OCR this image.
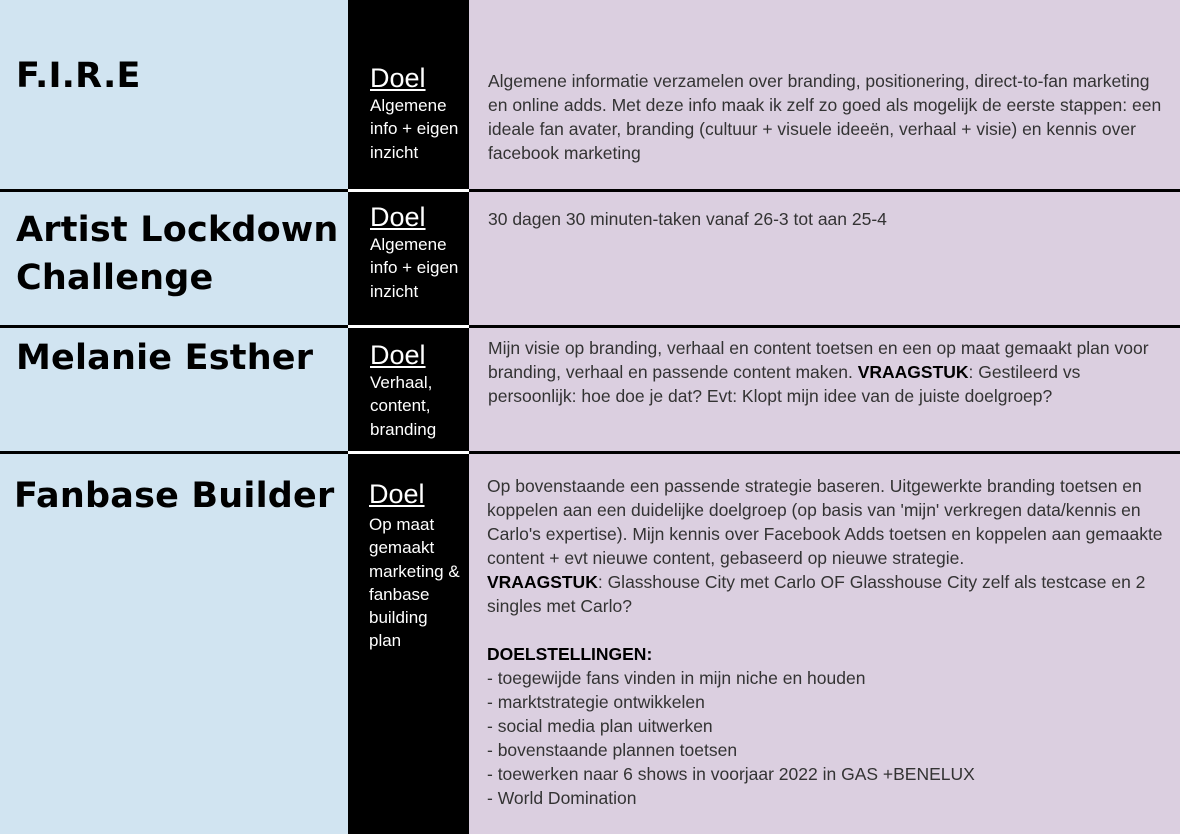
F.I.R.E	Doel
Algemene info + eigen inzicht
Algemene informatie verzamelen over branding, positionering, direct-to-fan marketing en online adds. Met deze info maak ik zelf zo goed als mogelijk de eerste stappen: een ideale fan avater, branding (cultuur + visuele ideeën, verhaal + visie) en kennis over facebook marketing
Artist Lockdown Challenge
Doel
Algemene info + eigen inzicht
30 dagen 30 minuten-taken vanaf 26-3 tot aan 25-4
Melanie Esther Doel
Verhaal, content, branding
Mijn visie op branding, verhaal en content toetsen en een op maat gemaakt plan voor branding, verhaal en passende content maken. VRAAGSTUK: Gestileerd vs persoonlijk: hoe doe je dat? Evt: Klopt mijn idee van de juiste doelgroep?
Fanbase Builder Doel
Op maat gemaakt marketing & fanbase building plan
Op bovenstaande een passende strategie baseren. Uitgewerkte branding toetsen en koppelen aan een duidelijke doelgroep (op basis van 'mijn' verkregen data/kennis en Carlo's expertise). Mijn kennis over Facebook Adds toetsen en koppelen aan gemaakte content + evt nieuwe content, gebaseerd op nieuwe strategie.
VRAAGSTUK: Glasshouse City met Carlo OF Glasshouse City zelf als testcase en 2 singles met Carlo?
DOELSTELLINGEN:
- toegewijde fans vinden in mijn niche en houden
- marktstrategie ontwikkelen
- social media plan uitwerken
- bovenstaande plannen toetsen
- toewerken naar 6 shows in voorjaar 2022 in GAS +BENELUX
- World Domination
